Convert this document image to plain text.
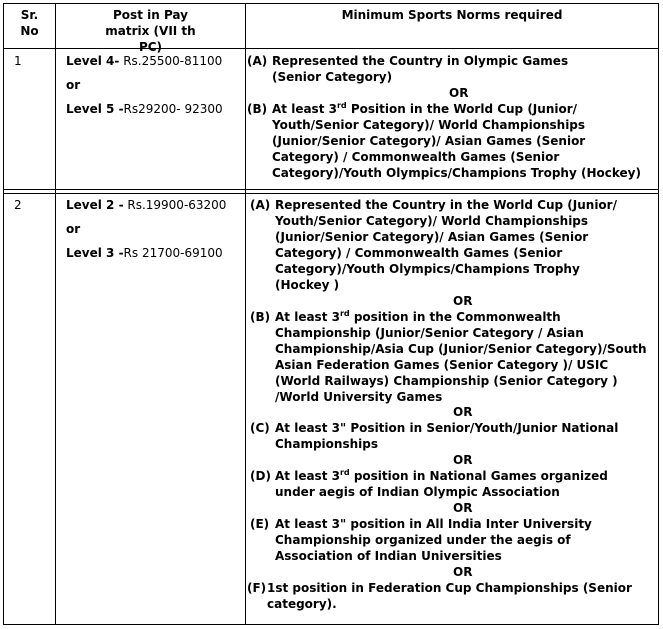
Sr. No
Post in Pay matrix (VII th PC)
Minimum Sports Norms required
1	Level 4- Rs.25500-81100
or
Level 5 -Rs29200- 92300
(A) Represented the Country in Olympic Games (Senior Category)
OR
(B) At least 3rd Position in the World Cup (Junior/ Youth/Senior Category)/ World Championships (Junior/Senior Category)/ Asian Games (Senior Category) / Commonwealth Games (Senior Category)/Youth Olympics/Champions Trophy (Hockey)
2	Level 2 - Rs.19900-63200
or
Level 3 -Rs 21700-69100
(A) Represented the Country in the World Cup (Junior/ Youth/Senior Category)/ World Championships (Junior/Senior Category)/ Asian Games (Senior Category) / Commonwealth Games (Senior Category)/Youth Olympics/Champions Trophy (Hockey )
OR
(B) At least 3rd position in the Commonwealth Championship (Junior/Senior Category / Asian Championship/Asia Cup (Junior/Senior Category)/South Asian Federation Games (Senior Category )/ USIC (World Railways) Championship (Senior Category ) /World University Games
OR
(C) At least 3" Position in Senior/Youth/Junior National Championships
OR
(D) At least 3rd position in National Games organized under aegis of Indian Olympic Association
OR
(E) At least 3" position in All India Inter University Championship organized under the aegis of Association of Indian Universities
OR
(F) 1st position in Federation Cup Championships (Senior category).
